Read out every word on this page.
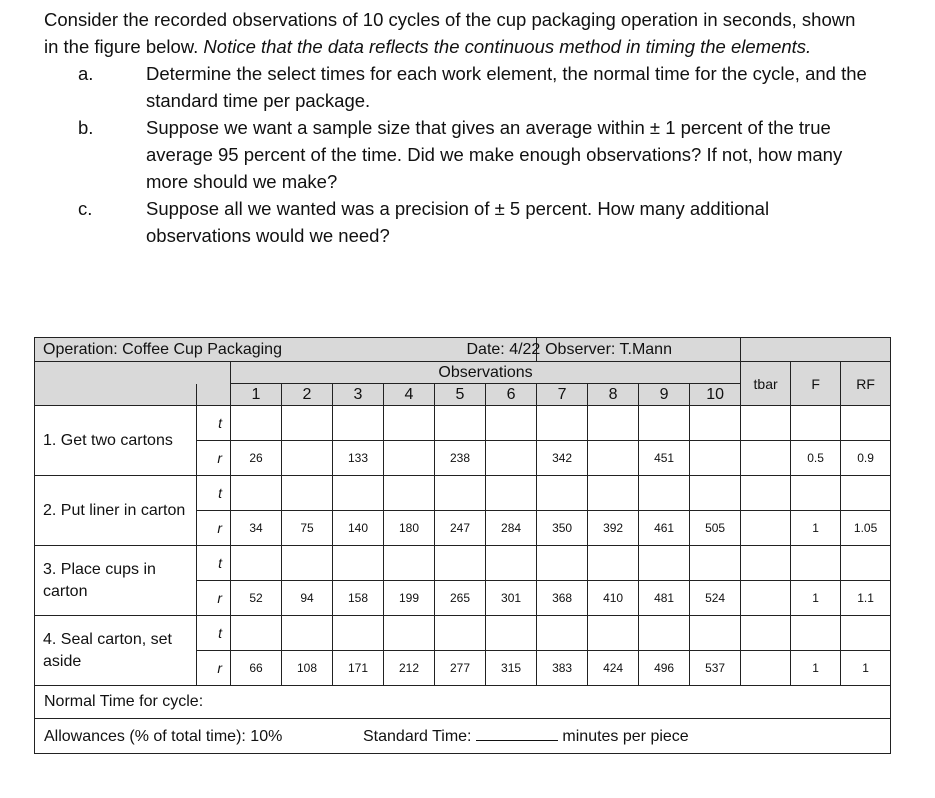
Consider the recorded observations of 10 cycles of the cup packaging operation in seconds, shown in the figure below. Notice that the data reflects the continuous method in timing the elements.

a.	Determine the select times for each work element, the normal time for the cycle, and the standard time per package.
b.	Suppose we want a sample size that gives an average within ± 1 percent of the true average 95 percent of the time. Did we make enough observations? If not, how many more should we make?
c.	Suppose all we wanted was a precision of ± 5 percent. How many additional observations would we need?
Operation: Coffee Cup Packaging Date: 4/22								Observer: T.Mann						
		Observations										tbar	F	RF
		1	2	3	4	5	6	7	8	9	10			
1. Get two cartons	t													
	r	26		133		238		342		451			0.5	0.9
2. Put liner in carton	t													
	r	34	75	140	180	247	284	350	392	461	505		1	1.05
3. Place cups in carton	t													
	r	52	94	158	199	265	301	368	410	481	524		1	1.1
4. Seal carton, set aside	t													
	r	66	108	171	212	277	315	383	424	496	537		1	1
Normal Time for cycle:														
Allowances (% of total time): 10% Standard Time: minutes per piece														
